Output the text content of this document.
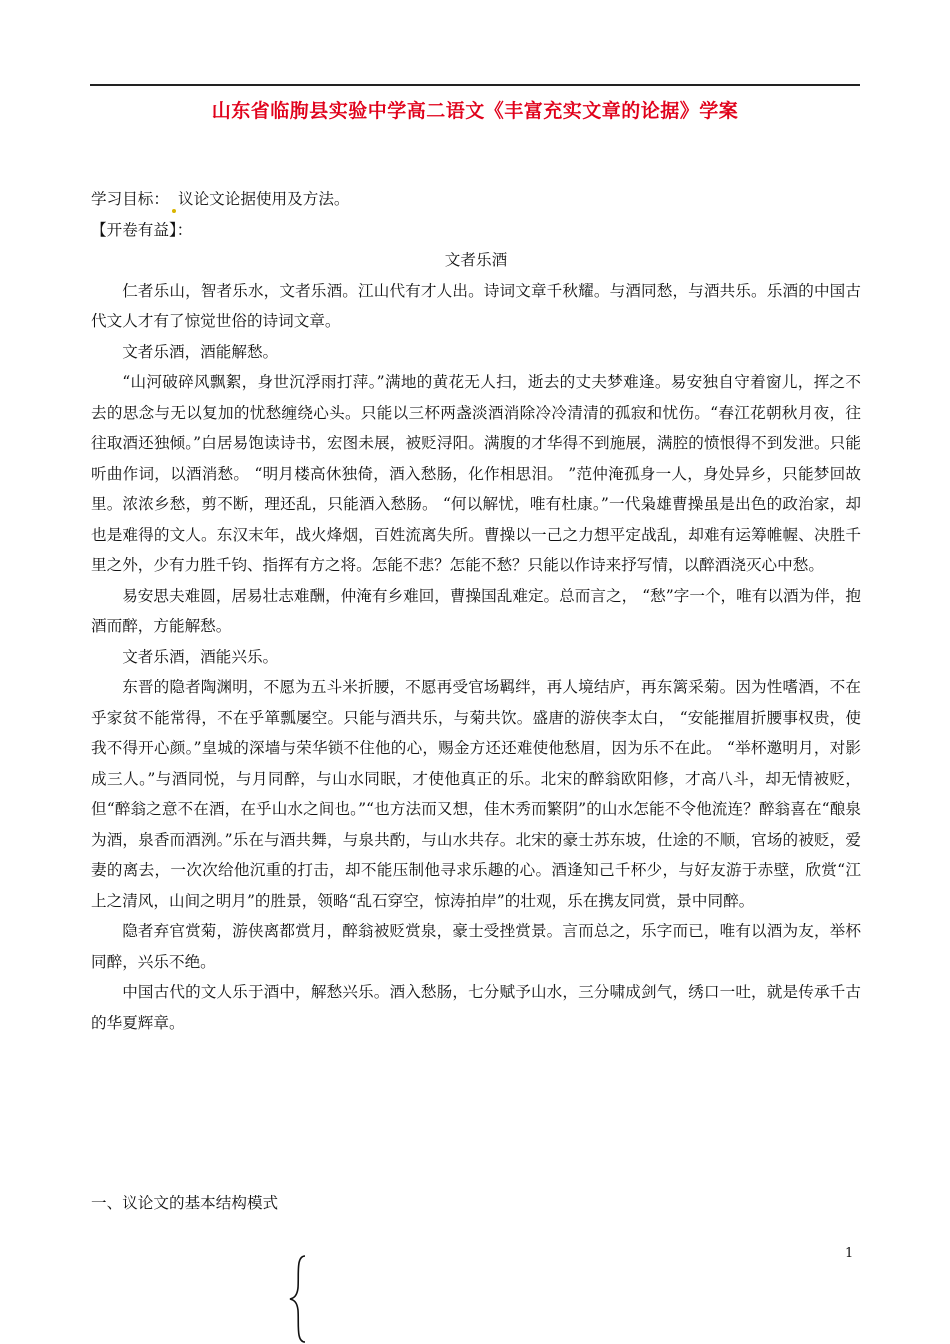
山东省临朐县实验中学高二语文《丰富充实文章的论据》学案

学习目标： 议论文论据使用及方法。

【开卷有益】：

文者乐酒

仁者乐山，智者乐水，文者乐酒。江山代有才人出。诗词文章千秋耀。与酒同愁，与酒共乐。乐酒的中国古代文人才有了惊觉世俗的诗词文章。

文者乐酒，酒能解愁。

“山河破碎风飘絮，身世沉浮雨打萍。”满地的黄花无人扫，逝去的丈夫梦难逢。易安独自守着窗儿，挥之不去的思念与无以复加的忧愁缠绕心头。只能以三杯两盏淡酒消除冷冷清清的孤寂和忧伤。“春江花朝秋月夜，往往取酒还独倾。”白居易饱读诗书，宏图未展，被贬浔阳。满腹的才华得不到施展，满腔的愤恨得不到发泄。只能听曲作词，以酒消愁。 “明月楼高休独倚，酒入愁肠，化作相思泪。 ”范仲淹孤身一人，身处异乡，只能梦回故里。浓浓乡愁，剪不断，理还乱，只能酒入愁肠。 “何以解忧，唯有杜康。”一代枭雄曹操虽是出色的政治家，却也是难得的文人。东汉末年，战火烽烟，百姓流离失所。曹操以一己之力想平定战乱，却难有运筹帷幄、决胜千里之外，少有力胜千钧、指挥有方之将。怎能不悲？怎能不愁？只能以作诗来抒写情，以醉酒浇灭心中愁。

易安思夫难圆，居易壮志难酬，仲淹有乡难回，曹操国乱难定。总而言之， “愁”字一个，唯有以酒为伴，抱酒而醉，方能解愁。

文者乐酒，酒能兴乐。

东晋的隐者陶渊明，不愿为五斗米折腰，不愿再受官场羁绊，再人境结庐，再东篱采菊。因为性嗜酒，不在乎家贫不能常得，不在乎箪瓢屡空。只能与酒共乐，与菊共饮。盛唐的游侠李太白， “安能摧眉折腰事权贵，使我不得开心颜。”皇城的深墙与荣华锁不住他的心，赐金方还还难使他愁眉，因为乐不在此。 “举杯邀明月，对影成三人。”与酒同悦，与月同醉，与山水同眠，才使他真正的乐。北宋的醉翁欧阳修，才高八斗，却无情被贬，但“醉翁之意不在酒，在乎山水之间也。”“也方法而又想，佳木秀而繁阴”的山水怎能不令他流连？醉翁喜在“酿泉为酒，泉香而酒洌。”乐在与酒共舞，与泉共酌，与山水共存。北宋的豪士苏东坡，仕途的不顺，官场的被贬，爱妻的离去，一次次给他沉重的打击，却不能压制他寻求乐趣的心。酒逢知己千杯少，与好友游于赤壁，欣赏“江上之清风，山间之明月”的胜景，领略“乱石穿空，惊涛拍岸”的壮观，乐在携友同赏，景中同醉。

隐者弃官赏菊，游侠离都赏月，醉翁被贬赏泉，豪士受挫赏景。言而总之，乐字而已，唯有以酒为友，举杯同醉，兴乐不绝。

中国古代的文人乐于酒中，解愁兴乐。酒入愁肠，七分赋予山水，三分啸成剑气，绣口一吐，就是传承千古的华夏辉章。

一、议论文的基本结构模式
1
